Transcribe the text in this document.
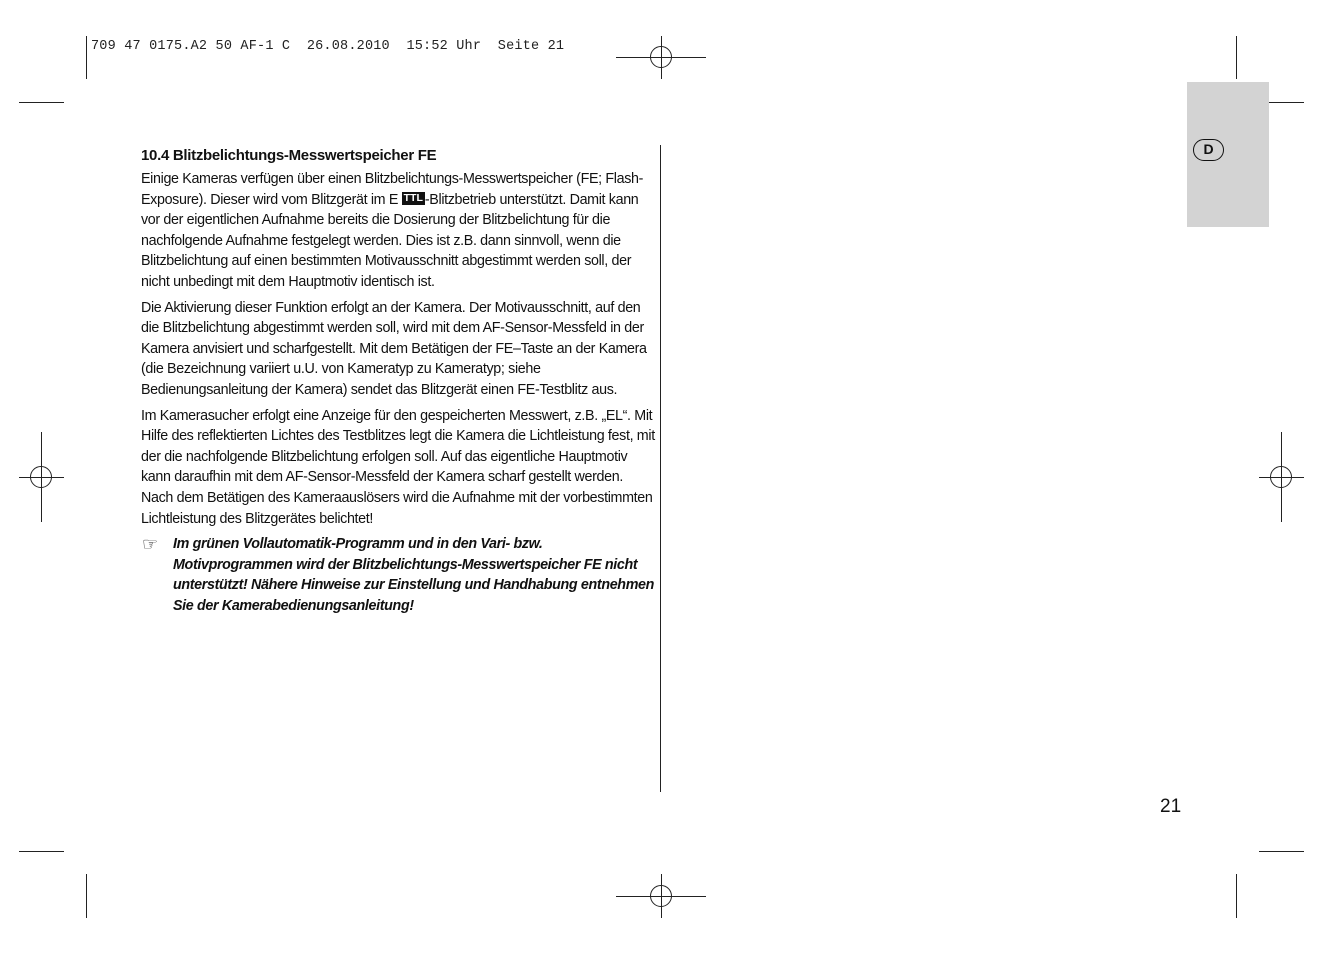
709 47 0175.A2 50 AF-1 C  26.08.2010  15:52 Uhr  Seite 21
D
10.4 Blitzbelichtungs-Messwertspeicher FE

Einige Kameras verfügen über einen Blitzbelichtungs-Messwertspeicher (FE; Flash-Exposure). Dieser wird vom Blitzgerät im E TTL -Blitzbetrieb unterstützt. Damit kann vor der eigentlichen Aufnahme bereits die Dosierung der Blitzbelichtung für die nachfolgende Aufnahme festgelegt werden. Dies ist z.B. dann sinnvoll, wenn die Blitzbelichtung auf einen bestimmten Motivausschnitt abgestimmt werden soll, der nicht unbedingt mit dem Hauptmotiv identisch ist.

Die Aktivierung dieser Funktion erfolgt an der Kamera. Der Motivausschnitt, auf den die Blitzbelichtung abgestimmt werden soll, wird mit dem AF-Sensor-Messfeld in der Kamera anvisiert und scharfgestellt. Mit dem Betätigen der FE–Taste an der Kamera (die Bezeichnung variiert u.U. von Kameratyp zu Kameratyp; siehe Bedienungsanleitung der Kamera) sendet das Blitzgerät einen FE-Testblitz aus.

Im Kamerasucher erfolgt eine Anzeige für den gespeicherten Messwert, z.B. „EL“. Mit Hilfe des reflektierten Lichtes des Testblitzes legt die Kamera die Lichtleistung fest, mit der die nachfolgende Blitzbelichtung erfolgen soll. Auf das eigentliche Hauptmotiv kann daraufhin mit dem AF-Sensor-Messfeld der Kamera scharf gestellt werden. Nach dem Betätigen des Kameraauslösers wird die Aufnahme mit der vorbestimmten Lichtleistung des Blitzgerätes belichtet!

☞ Im grünen Vollautomatik-Programm und in den Vari- bzw. Motivprogrammen wird der Blitzbelichtungs-Messwertspeicher FE nicht unterstützt! Nähere Hinweise zur Einstellung und Handhabung entnehmen Sie der Kamerabedienungsanleitung!
21
